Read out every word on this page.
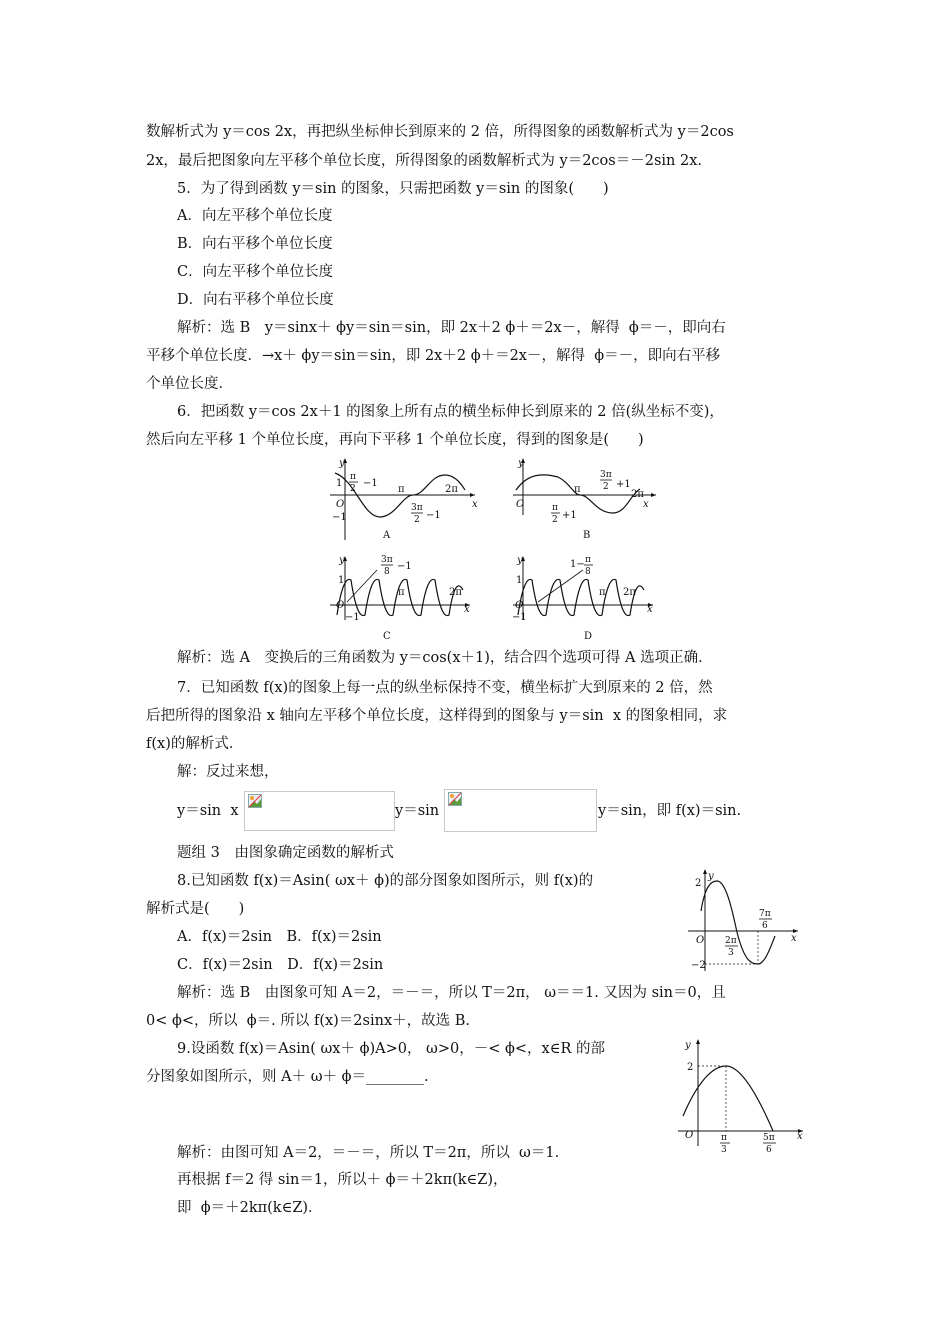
数解析式为 y＝cos 2x，再把纵坐标伸长到原来的 2 倍，所得图象的函数解析式为 y＝2cos
2x，最后把图象向左平移个单位长度，所得图象的函数解析式为 y＝2cos＝－2sin 2x.
5．为了得到函数 y＝sin 的图象，只需把函数 y＝sin 的图象(　　)
A．向左平移个单位长度
B．向右平移个单位长度
C．向左平移个单位长度
D．向右平移个单位长度
解析：选 B　y＝sinx＋ ϕy＝sin＝sin，即 2x＋2 ϕ＋＝2x－，解得  ϕ＝－，即向右
平移个单位长度．→x＋ ϕy＝sin＝sin，即 2x＋2 ϕ＋＝2x－，解得  ϕ＝－，即向右平移
个单位长度．
6．把函数 y＝cos 2x＋1 的图象上所有点的横坐标伸长到原来的 2 倍(纵坐标不变)，
然后向左平移 1 个单位长度，再向下平移 1 个单位长度，得到的图象是(　　)
y
x
O
1
−1
π
2 −1
π	2π
3π
2 −1
A
y
x
O
3π
2 +1
π	2π
π
2 +1
B
y
x
O
1
−1
3π
8 −1
π	2π
C
y
x
O
1
−1
1− π
8
π 2π
D
解析：选 A　变换后的三角函数为 y＝cos(x＋1)，结合四个选项可得 A 选项正确．
7．已知函数 f(x)的图象上每一点的纵坐标保持不变，横坐标扩大到原来的 2 倍，然
后把所得的图象沿 x 轴向左平移个单位长度，这样得到的图象与 y＝sin  x 的图象相同，求
f(x)的解析式．
解：反过来想，
y＝sin  x	y＝sin	y＝sin，即 f(x)＝sin.
题组 3　由图象确定函数的解析式
8.已知函数 f(x)＝Asin( ωx＋ ϕ)的部分图象如图所示，则 f(x)的
解析式是(　　)
A．f(x)＝2sin　B．f(x)＝2sin
C．f(x)＝2sin　D．f(x)＝2sin
y
x
O
2
−2
7π
6
2π
3
解析：选 B　由图象可知 A＝2，＝－＝，所以 T＝2π， ω＝＝1. 又因为 sin＝0，且
0< ϕ<，所以  ϕ＝. 所以 f(x)＝2sinx＋，故选 B.
9.设函数 f(x)＝Asin( ωx＋ ϕ)A>0， ω>0，－< ϕ<，x∈R 的部
分图象如图所示，则 A＋ ω＋ ϕ＝________.
y
x
O
2
π
3
5π
6
解析：由图可知 A＝2，＝－＝，所以 T＝2π，所以  ω＝1.
再根据 f＝2 得 sin＝1，所以＋ ϕ＝＋2kπ(k∈Z)，
即  ϕ＝＋2kπ(k∈Z)．
